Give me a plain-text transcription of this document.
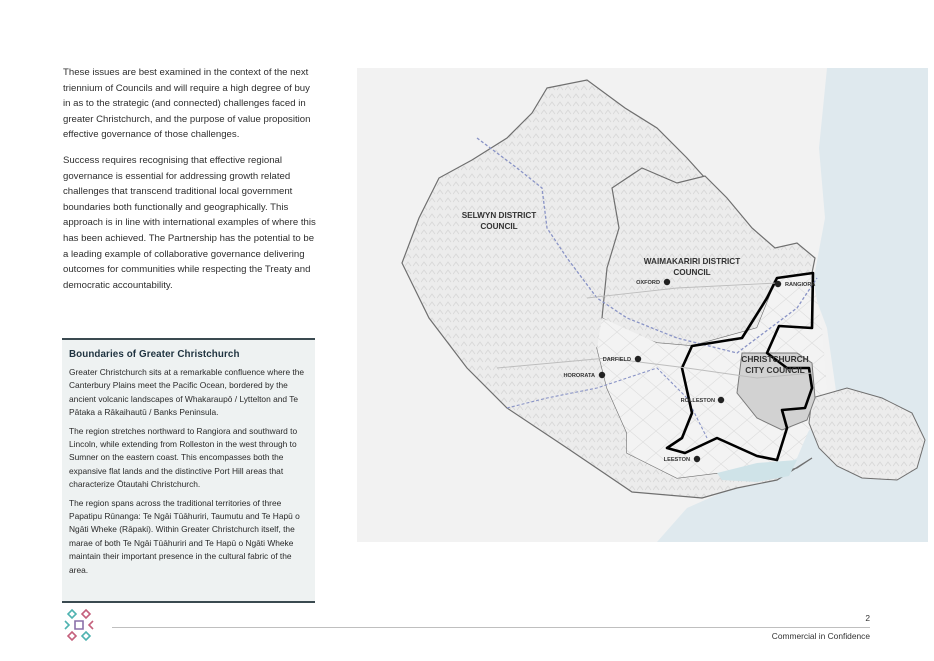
These issues are best examined in the context of the next triennium of Councils and will require a high degree of buy in as to the strategic (and connected) challenges faced in greater Christchurch, and the purpose of value proposition effective governance of those challenges.

Success requires recognising that effective regional governance is essential for addressing growth related challenges that transcend traditional local government boundaries both functionally and geographically. This approach is in line with international examples of where this has been achieved. The Partnership has the potential to be a leading example of collaborative governance delivering outcomes for communities while respecting the Treaty and democratic accountability.

Boundaries of Greater Christchurch

Greater Christchurch sits at a remarkable confluence where the Canterbury Plains meet the Pacific Ocean, bordered by the ancient volcanic landscapes of Whakaraupō / Lyttelton and Te Pātaka a Rākaihautū / Banks Peninsula.

The region stretches northward to Rangiora and southward to Lincoln, while extending from Rolleston in the west through to Sumner on the eastern coast. This encompasses both the expansive flat lands and the distinctive Port Hill areas that characterize Ōtautahi Christchurch.

The region spans across the traditional territories of three Papatipu Rūnanga: Te Ngāi Tūāhuriri, Taumutu and Te Hapū o Ngāti Wheke (Rāpaki). Within Greater Christchurch itself, the marae of both Te Ngāi Tūāhuriri and Te Hapū o Ngāti Wheke maintain their important presence in the cultural fabric of the area.

SELWYN DISTRICT
COUNCIL
WAIMAKARIRI DISTRICT
COUNCIL
CHRISTCHURCH
CITY COUNCIL
OXFORD	RANGIORA
DARFIELD
HORORATA
ROLLESTON
LEESTON
2
Commercial in Confidence
